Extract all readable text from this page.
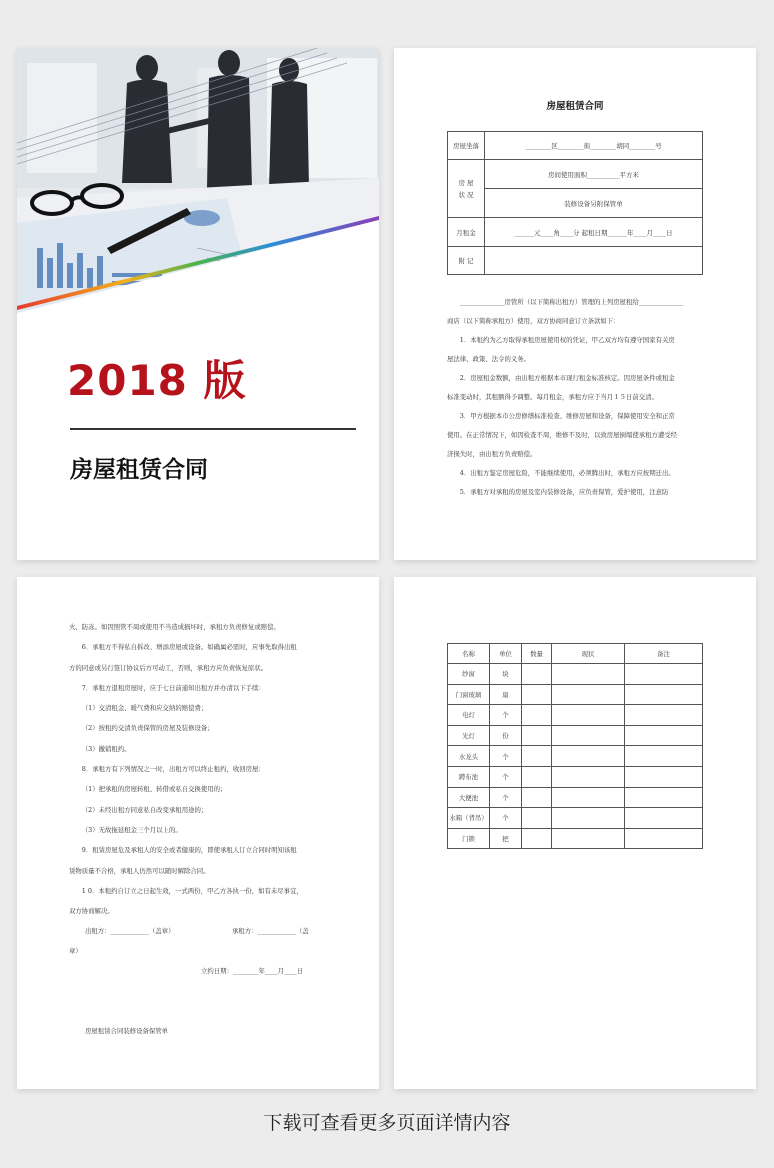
2018 版
房屋租赁合同
房屋租赁合同
房屋坐落	________区________街________胡同________号

房 屋
状 况	房间使用面积__________平方米
	装修设备另附保管单
月租金	______元____角____分 起租日期______年____月____日
附 记	

______________房管所（以下简称出租方）管理的上列房屋租给______________

商店（以下简称承租方）使用，双方协商同意订立条款如下：

1．本租约为乙方取得承租房屋使用权的凭证，甲乙双方均有遵守国家有关房

屋法律、政策、法令的义务。

2．房屋租金数额，由出租方根据本市现行租金标准核定。因房屋条件或租金

标准变动时，其租额得予调整。每月租金，承租方应于当月１５日前交清。

3．甲方根据本市公房修缮标准检查、维修房屋和设备，保障使用安全和正常

使用。在正常情况下，如因检查不周，维修不及时，以致房屋倒塌使承租方遭受经

济损失时，由出租方负责赔偿。

4．出租方鉴定房屋危险，不能继续使用，必须腾出时，承租方应按期迁出。

5．承租方对承租的房屋及室内装修设备，应负责保管，爱护使用，注意防

火、防冻。如因照管不周或使用不当造成损坏时，承租方负责修复或赔偿。

6．承租方不得私自拆改、增添房屋或设备。如确属必需时，应事先取得出租

方的同意或另行签订协议后方可动工，否则，承租方应负责恢复原状。

7．承租方退租房屋时，应于七日前通知出租方并办清以下手续：

（1）交清租金、暖气费和应交纳的赔偿费；

（2）按租约交清负责保管的房屋及装修设备；

（3）撤销租约。

8．承租方有下列情况之一时，出租方可以终止租约，收回房屋：

（1）把承租的房屋转租、转借或私自交换使用的；

（2）未经出租方同意私自改变承租用途的；

（3）无故拖延租金三个月以上的。

9．租赁房屋危及承租人的安全或者健康的，即使承租人订立合同时明知该租

赁物质量不合格，承租人仍然可以随时解除合同。

1 0．本租约自订立之日起生效，一式两份，甲乙方各执一份，如有未尽事宜，

双方协商解决。

出租方：____________（盖章）	承租方：____________（盖
章）
立约日期：________年____月____日
房屋租赁合同装修设备保管单
名称	单位	数量	现状	备注
纱窗	块			
门窗玻璃	扇			
电灯	个			
光灯	份			
水龙头	个			
蹲布池	个			
大便池	个			
水箱（背吊）	个			
门锁	把			
下载可查看更多页面详情内容
